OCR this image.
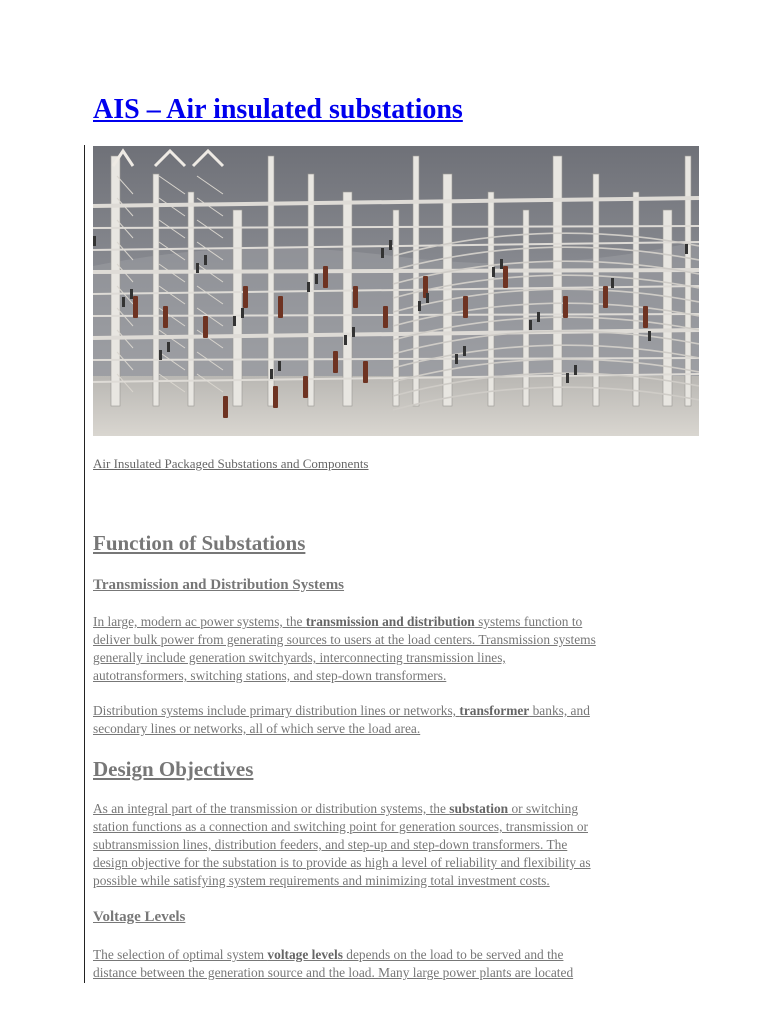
AIS – Air insulated substations
Air Insulated Packaged Substations and Components
Function of Substations
Transmission and Distribution Systems
In large, modern ac power systems, the transmission and distribution systems function to
deliver bulk power from generating sources to users at the load centers. Transmission systems
generally include generation switchyards, interconnecting transmission lines,
autotransformers, switching stations, and step-down transformers.
Distribution systems include primary distribution lines or networks, transformer banks, and
secondary lines or networks, all of which serve the load area.
Design Objectives
As an integral part of the transmission or distribution systems, the substation or switching
station functions as a connection and switching point for generation sources, transmission or
subtransmission lines, distribution feeders, and step-up and step-down transformers. The
design objective for the substation is to provide as high a level of reliability and flexibility as
possible while satisfying system requirements and minimizing total investment costs.
Voltage Levels
The selection of optimal system voltage levels depends on the load to be served and the
distance between the generation source and the load. Many large power plants are located
